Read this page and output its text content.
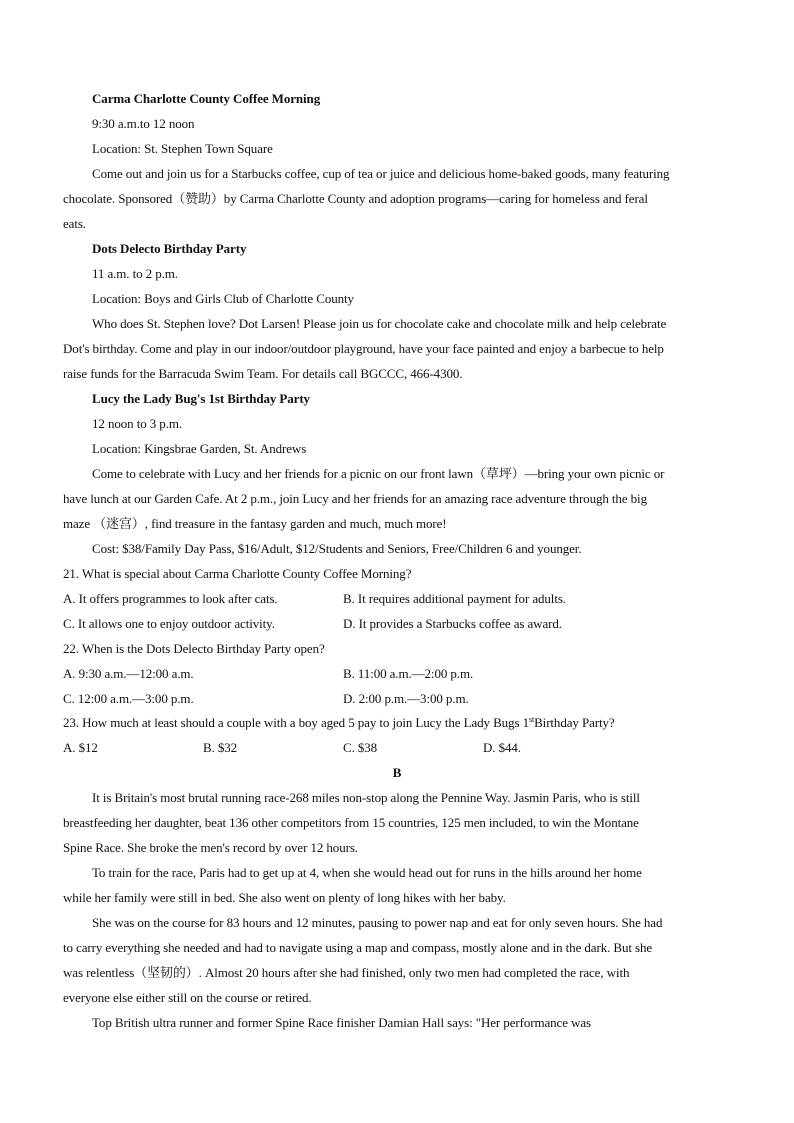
Carma Charlotte County Coffee Morning
9:30 a.m.to 12 noon
Location: St. Stephen Town Square
Come out and join us for a Starbucks coffee, cup of tea or juice and delicious home-baked goods, many featuring
chocolate. Sponsored（赞助）by Carma Charlotte County and adoption programs—caring for homeless and feral
eats.
Dots Delecto Birthday Party
11 a.m. to 2 p.m.
Location: Boys and Girls Club of Charlotte County
Who does St. Stephen love? Dot Larsen! Please join us for chocolate cake and chocolate milk and help celebrate
Dot's birthday. Come and play in our indoor/outdoor playground, have your face painted and enjoy a barbecue to help
raise funds for the Barracuda Swim Team. For details call BGCCC, 466-4300.
Lucy the Lady Bug's 1st Birthday Party
12 noon to 3 p.m.
Location: Kingsbrae Garden, St. Andrews
Come to celebrate with Lucy and her friends for a picnic on our front lawn（草坪）—bring your own picnic or
have lunch at our Garden Cafe. At 2 p.m., join Lucy and her friends for an amazing race adventure through the big
maze （迷宫）, find treasure in the fantasy garden and much, much more!
Cost: $38/Family Day Pass, $16/Adult, $12/Students and Seniors, Free/Children 6 and younger.
21. What is special about Carma Charlotte County Coffee Morning?
A. It offers programmes to look after cats.	B. It requires additional payment for adults.
C. It allows one to enjoy outdoor activity.	D. It provides a Starbucks coffee as award.
22. When is the Dots Delecto Birthday Party open?
A. 9:30 a.m.—12:00 a.m.	B. 11:00 a.m.—2:00 p.m.
C. 12:00 a.m.—3:00 p.m.	D. 2:00 p.m.—3:00 p.m.
23. How much at least should a couple with a boy aged 5 pay to join Lucy the Lady Bugs 1stBirthday Party?
A. $12	B. $32	C. $38	D. $44.
B
It is Britain's most brutal running race-268 miles non-stop along the Pennine Way. Jasmin Paris, who is still
breastfeeding her daughter, beat 136 other competitors from 15 countries, 125 men included, to win the Montane
Spine Race. She broke the men's record by over 12 hours.
To train for the race, Paris had to get up at 4, when she would head out for runs in the hills around her home
while her family were still in bed. She also went on plenty of long hikes with her baby.
She was on the course for 83 hours and 12 minutes, pausing to power nap and eat for only seven hours. She had
to carry everything she needed and had to navigate using a map and compass, mostly alone and in the dark. But she
was relentless（坚韧的）. Almost 20 hours after she had finished, only two men had completed the race, with
everyone else either still on the course or retired.
Top British ultra runner and former Spine Race finisher Damian Hall says: "Her performance was
